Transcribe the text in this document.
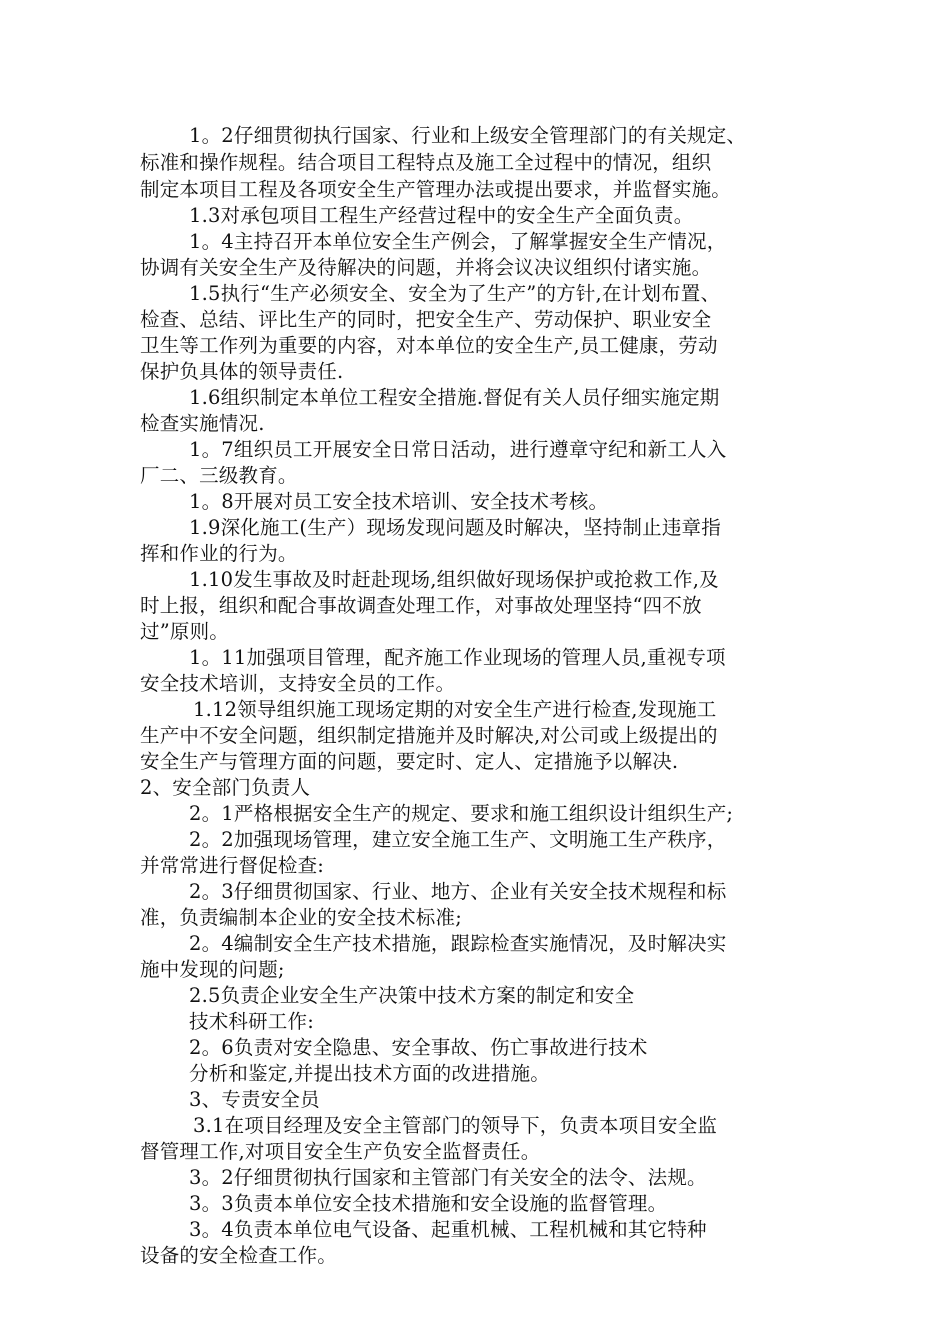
1。2仔细贯彻执行国家、行业和上级安全管理部门的有关规定、
标准和操作规程。结合项目工程特点及施工全过程中的情况，组织
制定本项目工程及各项安全生产管理办法或提出要求，并监督实施。
1.3对承包项目工程生产经营过程中的安全生产全面负责。
1。4主持召开本单位安全生产例会，了解掌握安全生产情况，
协调有关安全生产及待解决的问题，并将会议决议组织付诸实施。
1.5执行“生产必须安全、安全为了生产”的方针,在计划布置、
检查、总结、评比生产的同时，把安全生产、劳动保护、职业安全
卫生等工作列为重要的内容，对本单位的安全生产,员工健康，劳动
保护负具体的领导责任.
1.6组织制定本单位工程安全措施.督促有关人员仔细实施定期
检查实施情况.
1。7组织员工开展安全日常日活动，进行遵章守纪和新工人入
厂二、三级教育。
1。8开展对员工安全技术培训、安全技术考核。
1.9深化施工(生产）现场发现问题及时解决，坚持制止违章指
挥和作业的行为。
1.10发生事故及时赶赴现场,组织做好现场保护或抢救工作,及
时上报，组织和配合事故调查处理工作，对事故处理坚持“四不放
过”原则。
1。11加强项目管理，配齐施工作业现场的管理人员,重视专项
安全技术培训，支持安全员的工作。
1.12领导组织施工现场定期的对安全生产进行检查,发现施工
生产中不安全问题，组织制定措施并及时解决,对公司或上级提出的
安全生产与管理方面的问题，要定时、定人、定措施予以解决.
2、安全部门负责人
2。1严格根据安全生产的规定、要求和施工组织设计组织生产;
2。2加强现场管理，建立安全施工生产、文明施工生产秩序，
并常常进行督促检查:
2。3仔细贯彻国家、行业、地方、企业有关安全技术规程和标
准，负责编制本企业的安全技术标准;
2。4编制安全生产技术措施，跟踪检查实施情况，及时解决实
施中发现的问题;
2.5负责企业安全生产决策中技术方案的制定和安全
技术科研工作:
2。6负责对安全隐患、安全事故、伤亡事故进行技术
分析和鉴定,并提出技术方面的改进措施。
3、专责安全员
3.1在项目经理及安全主管部门的领导下，负责本项目安全监
督管理工作,对项目安全生产负安全监督责任。
3。2仔细贯彻执行国家和主管部门有关安全的法令、法规。
3。3负责本单位安全技术措施和安全设施的监督管理。
3。4负责本单位电气设备、起重机械、工程机械和其它特种
设备的安全检查工作。
